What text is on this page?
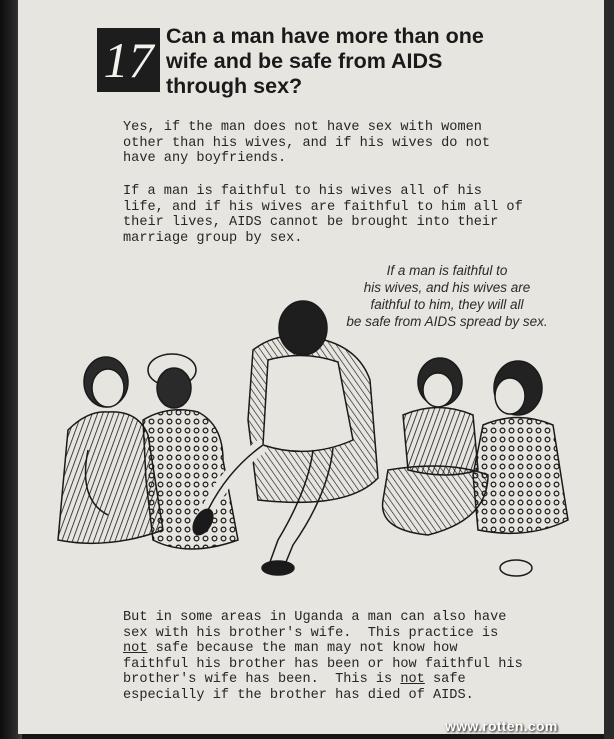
17 Can a man have more than one
wife and be safe from AIDS
through sex?

Yes, if the man does not have sex with women
other than his wives, and if his wives do not
have any boyfriends.

If a man is faithful to his wives all of his
life, and if his wives are faithful to him all of
their lives, AIDS cannot be brought into their
marriage group by sex.

If a man is faithful to
his wives, and his wives are
faithful to him, they will all
be safe from AIDS spread by sex.

But in some areas in Uganda a man can also have
sex with his brother's wife.  This practice is
not safe because the man may not know how
faithful his brother has been or how faithful his
brother's wife has been.  This is not safe
especially if the brother has died of AIDS.

www.rotten.com
